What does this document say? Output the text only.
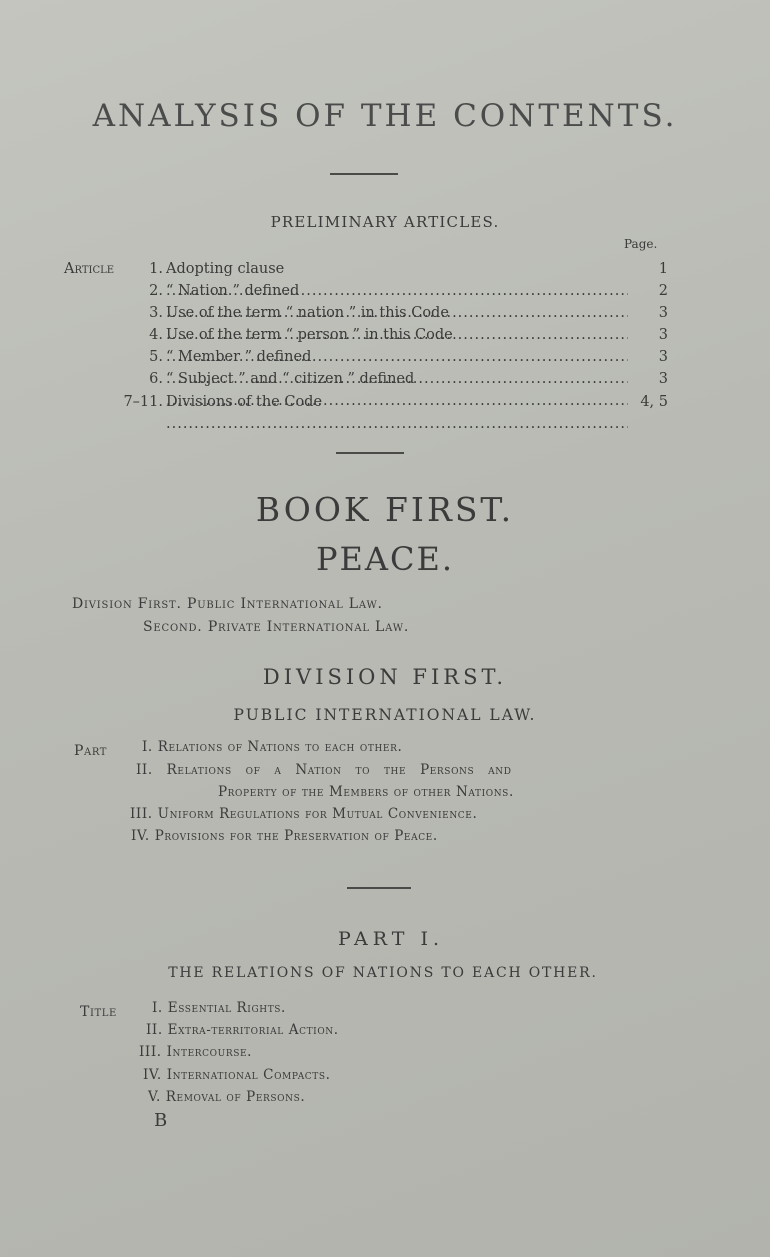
ANALYSIS OF THE CONTENTS.
PRELIMINARY ARTICLES.
Page.
Article 1. Adopting clause .....	1
2. “ Nation ” defined .....	2
3. Use of the term “ nation ” in this Code .....	3
4. Use of the term “ person ” in this Code .....	3
5. “ Member ” defined .....	3
6. “ Subject ” and “ citizen ” defined .....	3
7–11. Divisions of the Code .....	4, 5
BOOK FIRST.
PEACE.
Division First. Public International Law.
Second. Private International Law.
DIVISION FIRST.
PUBLIC INTERNATIONAL LAW.
Part	I. Relations of Nations to each other.
II. Relations of a Nation to the Persons and
Property of the Members of other Nations.
III. Uniform Regulations for Mutual Convenience.
IV. Provisions for the Preservation of Peace.
PART I.
THE RELATIONS OF NATIONS TO EACH OTHER.
Title	I. Essential Rights.
II. Extra-territorial Action.
III. Intercourse.
IV. International Compacts.
V. Removal of Persons.
B
